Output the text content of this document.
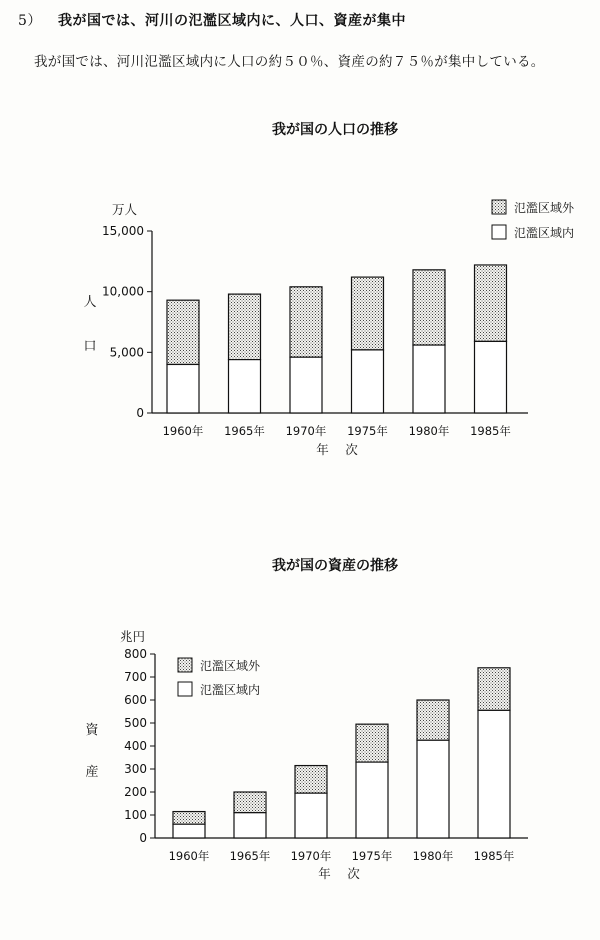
5） 我が国では、河川の氾濫区域内に、人口、資産が集中
我が国では、河川氾濫区域内に人口の約５０％、資産の約７５％が集中している。
我が国の人口の推移
万人
人
口
0
5,000
10,000
15,000
1960年 1965年 1970年 1975年 1980年 1985年
年　次
氾濫区域外
氾濫区域内
我が国の資産の推移
兆円
資
産
0
100
200
300
400
500
600
700
800
1960年 1965年 1970年 1975年 1980年 1985年
年　次
氾濫区域外
氾濫区域内
